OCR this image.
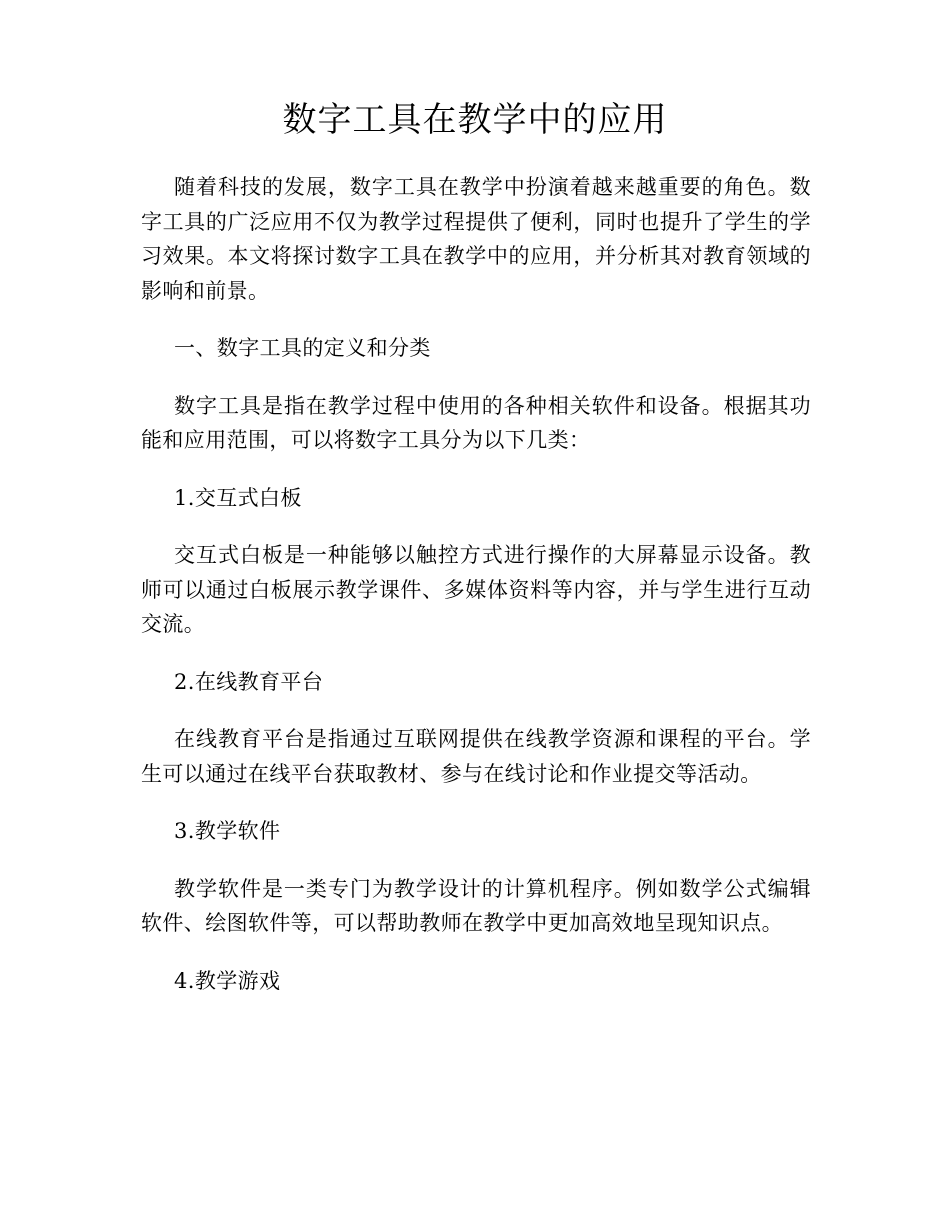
数字工具在教学中的应用

随着科技的发展，数字工具在教学中扮演着越来越重要的角色。数字工具的广泛应用不仅为教学过程提供了便利，同时也提升了学生的学习效果。本文将探讨数字工具在教学中的应用，并分析其对教育领域的影响和前景。

一、数字工具的定义和分类

数字工具是指在教学过程中使用的各种相关软件和设备。根据其功能和应用范围，可以将数字工具分为以下几类：

1.交互式白板

交互式白板是一种能够以触控方式进行操作的大屏幕显示设备。教师可以通过白板展示教学课件、多媒体资料等内容，并与学生进行互动交流。

2.在线教育平台

在线教育平台是指通过互联网提供在线教学资源和课程的平台。学生可以通过在线平台获取教材、参与在线讨论和作业提交等活动。

3.教学软件

教学软件是一类专门为教学设计的计算机程序。例如数学公式编辑软件、绘图软件等，可以帮助教师在教学中更加高效地呈现知识点。

4.教学游戏
